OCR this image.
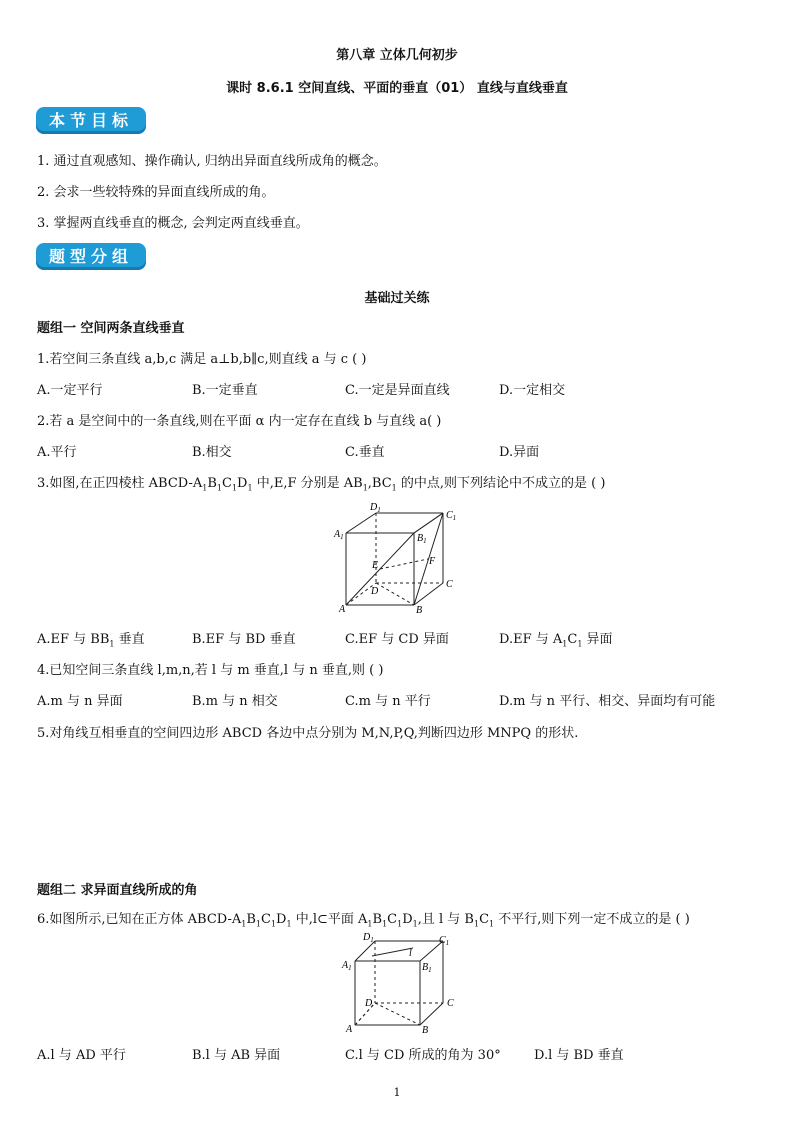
第八章 立体几何初步
课时 8.6.1 空间直线、平面的垂直（01） 直线与直线垂直
本节目标
1. 通过直观感知、操作确认, 归纳出异面直线所成角的概念。
2. 会求一些较特殊的异面直线所成的角。
3. 掌握两直线垂直的概念, 会判定两直线垂直。
题型分组
基础过关练
题组一 空间两条直线垂直
1.若空间三条直线 a,b,c 满足 a⊥b,b∥c,则直线 a 与 c ( )
A.一定平行	B.一定垂直	C.一定是异面直线	D.一定相交
2.若 a 是空间中的一条直线,则在平面 α 内一定存在直线 b 与直线 a( )
A.平行	B.相交	C.垂直	D.异面
3.如图,在正四棱柱 ABCD-$A_1B_1C_1D_1$ 中,E,F 分别是 $AB_1,BC_1$ 的中点,则下列结论中不成立的是 ( )
$D_1$	$C_1$
$A_1$	$B_1$
E	F
D
C
A	B
A.EF 与 $BB_1$ 垂直	B.EF 与 BD 垂直	C.EF 与 CD 异面	D.EF 与 $A_1C_1$ 异面
4.已知空间三条直线 l,m,n,若 l 与 m 垂直,l 与 n 垂直,则 ( )
A.m 与 n 异面	B.m 与 n 相交	C.m 与 n 平行	D.m 与 n 平行、相交、异面均有可能
5.对角线互相垂直的空间四边形 ABCD 各边中点分别为 M,N,P,Q,判断四边形 MNPQ 的形状.
题组二 求异面直线所成的角
6.如图所示,已知在正方体 ABCD-$A_1B_1C_1D_1$ 中,l⊂平面 $A_1B_1C_1D_1$,且 l 与 $B_1C_1$ 不平行,则下列一定不成立的是 ( )
$D_1$	$C_1$
$A_1$	$B_1$
l
D	C
A	B
A.l 与 AD 平行	B.l 与 AB 异面	C.l 与 CD 所成的角为 30°	D.l 与 BD 垂直
1
